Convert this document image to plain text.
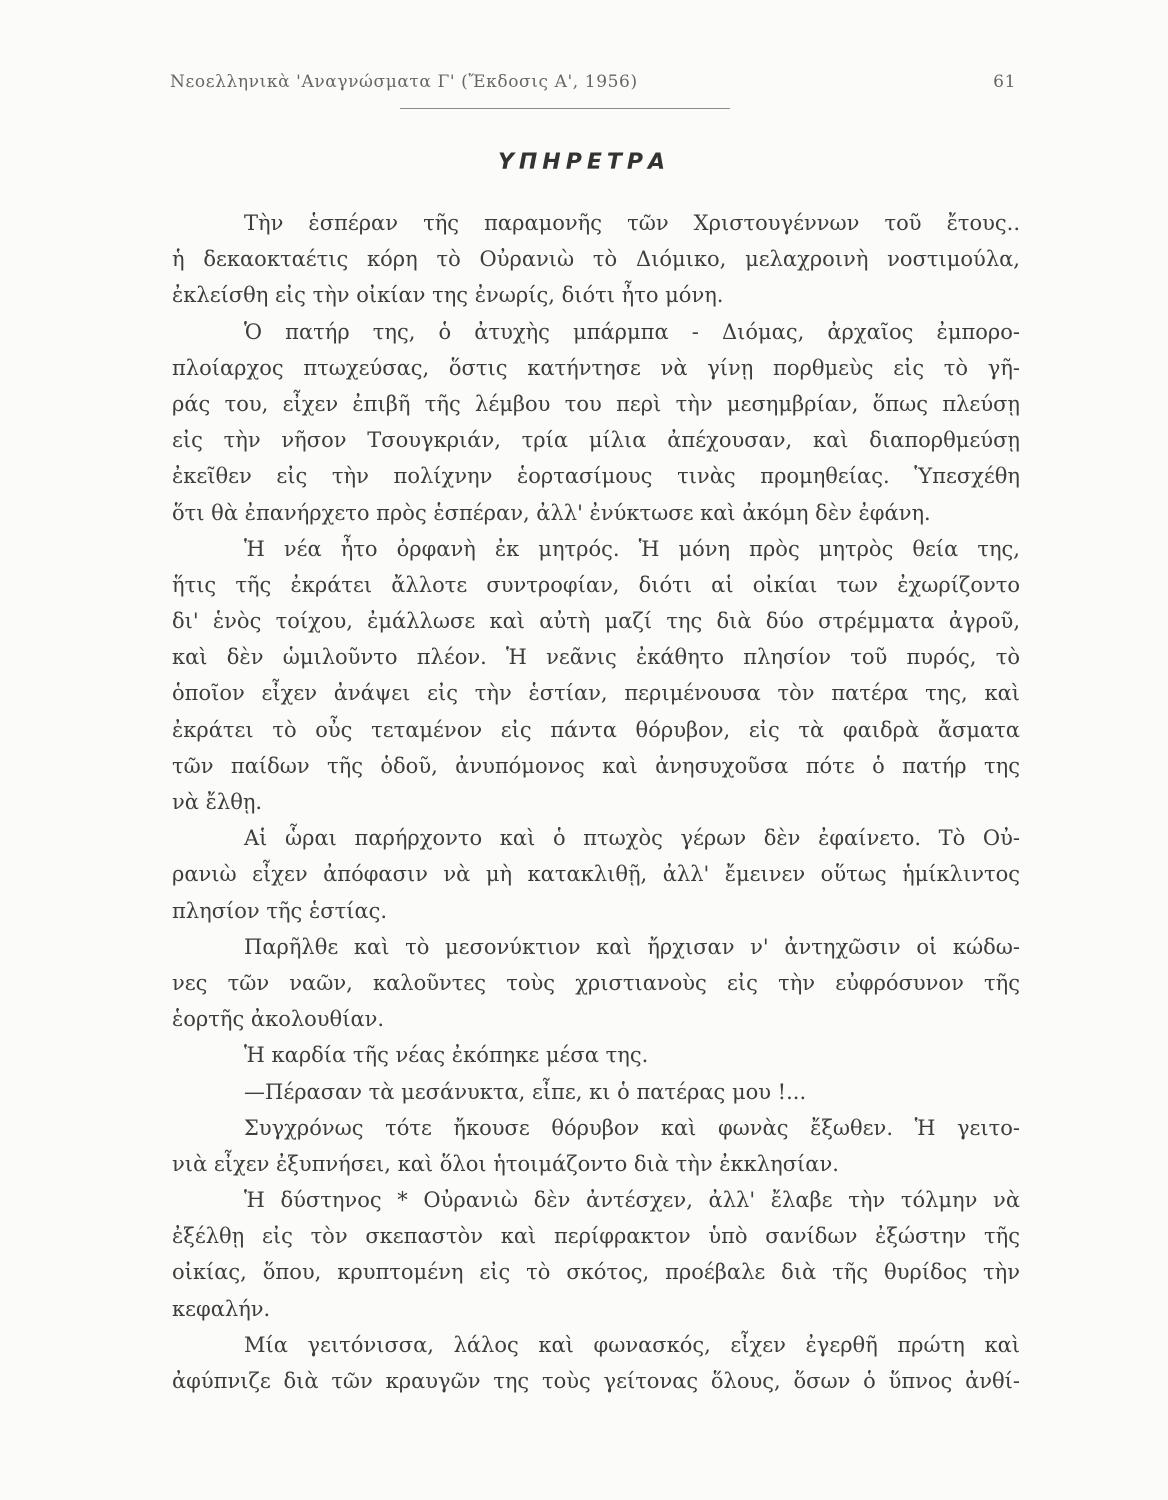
Νεοελληνικὰ 'Αναγνώσματα Γ' (Ἔκδοσις Α', 1956)	61
ΥΠΗΡΕΤΡΑ
Τὴν ἑσπέραν τῆς παραμονῆς τῶν Χριστουγέννων τοῦ ἔτους..
ἡ δεκαοκταέτις κόρη τὸ Οὐρανιὼ τὸ Διόμικο, μελαχροινὴ νοστιμούλα,
ἐκλείσθη εἰς τὴν οἰκίαν της ἐνωρίς, διότι ἦτο μόνη.
Ὁ πατήρ της, ὁ ἀτυχὴς μπάρμπα - Διόμας, ἀρχαῖος ἐμπορο-
πλοίαρχος πτωχεύσας, ὅστις κατήντησε νὰ γίνῃ πορθμεὺς εἰς τὸ γῆ-
ράς του, εἶχεν ἐπιβῆ τῆς λέμβου του περὶ τὴν μεσημβρίαν, ὅπως πλεύσῃ
εἰς τὴν νῆσον Τσουγκριάν, τρία μίλια ἀπέχουσαν, καὶ διαπορθμεύσῃ
ἐκεῖθεν εἰς τὴν πολίχνην ἑορτασίμους τινὰς προμηθείας. Ὑπεσχέθη
ὅτι θὰ ἐπανήρχετο πρὸς ἑσπέραν, ἀλλ' ἐνύκτωσε καὶ ἀκόμη δὲν ἐφάνη.
Ἡ νέα ἦτο ὀρφανὴ ἐκ μητρός. Ἡ μόνη πρὸς μητρὸς θεία της,
ἥτις τῆς ἐκράτει ἄλλοτε συντροφίαν, διότι αἱ οἰκίαι των ἐχωρίζοντο
δι' ἑνὸς τοίχου, ἐμάλλωσε καὶ αὐτὴ μαζί της διὰ δύο στρέμματα ἀγροῦ,
καὶ δὲν ὡμιλοῦντο πλέον. Ἡ νεᾶνις ἐκάθητο πλησίον τοῦ πυρός, τὸ
ὁποῖον εἶχεν ἀνάψει εἰς τὴν ἑστίαν, περιμένουσα τὸν πατέρα της, καὶ
ἐκράτει τὸ οὖς τεταμένον εἰς πάντα θόρυβον, εἰς τὰ φαιδρὰ ἄσματα
τῶν παίδων τῆς ὁδοῦ, ἀνυπόμονος καὶ ἀνησυχοῦσα πότε ὁ πατήρ της
νὰ ἔλθῃ.
Αἱ ὧραι παρήρχοντο καὶ ὁ πτωχὸς γέρων δὲν ἐφαίνετο. Τὸ Οὐ-
ρανιὼ εἶχεν ἀπόφασιν νὰ μὴ κατακλιθῇ, ἀλλ' ἔμεινεν οὕτως ἡμίκλιντος
πλησίον τῆς ἑστίας.
Παρῆλθε καὶ τὸ μεσονύκτιον καὶ ἤρχισαν ν' ἀντηχῶσιν οἱ κώδω-
νες τῶν ναῶν, καλοῦντες τοὺς χριστιανοὺς εἰς τὴν εὐφρόσυνον τῆς
ἑορτῆς ἀκολουθίαν.
Ἡ καρδία τῆς νέας ἐκόπηκε μέσα της.
—Πέρασαν τὰ μεσάνυκτα, εἶπε, κι ὁ πατέρας μου !...
Συγχρόνως τότε ἤκουσε θόρυβον καὶ φωνὰς ἔξωθεν. Ἡ γειτο-
νιὰ εἶχεν ἐξυπνήσει, καὶ ὅλοι ἡτοιμάζοντο διὰ τὴν ἐκκλησίαν.
Ἡ δύστηνος * Οὐρανιὼ δὲν ἀντέσχεν, ἀλλ' ἔλαβε τὴν τόλμην νὰ
ἐξέλθῃ εἰς τὸν σκεπαστὸν καὶ περίφρακτον ὑπὸ σανίδων ἐξώστην τῆς
οἰκίας, ὅπου, κρυπτομένη εἰς τὸ σκότος, προέβαλε διὰ τῆς θυρίδος τὴν
κεφαλήν.
Μία γειτόνισσα, λάλος καὶ φωνασκός, εἶχεν ἐγερθῆ πρώτη καὶ
ἀφύπνιζε διὰ τῶν κραυγῶν της τοὺς γείτονας ὅλους, ὅσων ὁ ὕπνος ἀνθί-
